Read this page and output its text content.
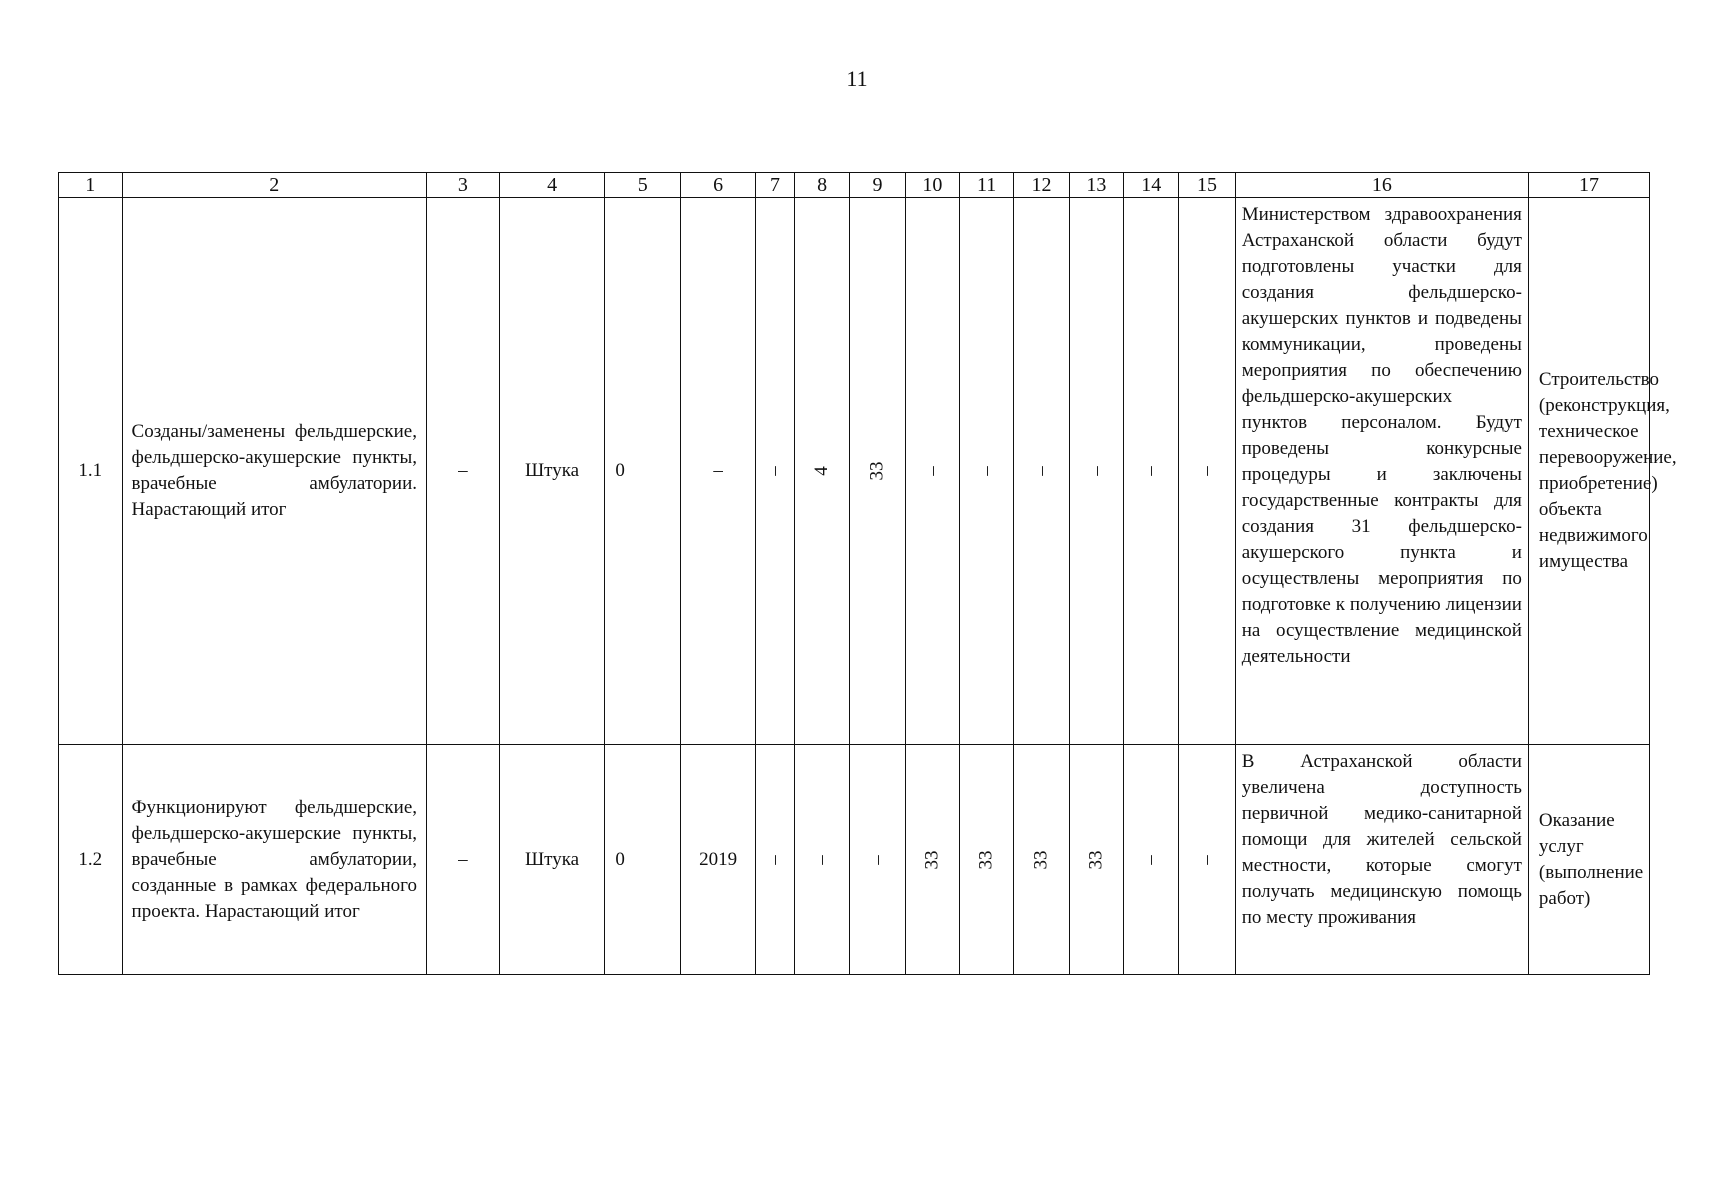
11
1	2	3	4	5	6	7	8	9	10	11	12	13	14	15	16	17
1.1	Созданы/заменены фельдшерские, фельдшерско-акушерские пункты, врачебные амбулатории. Нарастающий итог	–	Штука	0	–	–	4	33	–	–	–	–	–	–	Министерством здравоохранения Астраханской области будут подготовлены участки для создания фельдшерско-акушерских пунктов и подведены коммуникации, проведены мероприятия по обеспечению фельдшерско-акушерских пунктов персоналом. Будут проведены конкурсные процедуры и заключены государственные контракты для создания 31 фельдшерско-акушерского пункта и осуществлены мероприятия по подготовке к получению лицензии на осуществление медицинской деятельности	Строительство (реконструкция, техническое перевооружение, приобретение) объекта недвижимого имущества
1.2	Функционируют фельдшерские, фельдшерско-акушерские пункты, врачебные амбулатории, созданные в рамках федерального проекта. Нарастающий итог	–	Штука	0	2019	–	–	–	33	33	33	33	–	–	В Астраханской области увеличена доступность первичной медико-санитарной помощи для жителей сельской местности, которые смогут получать медицинскую помощь по месту проживания	Оказание услуг (выполнение работ)
